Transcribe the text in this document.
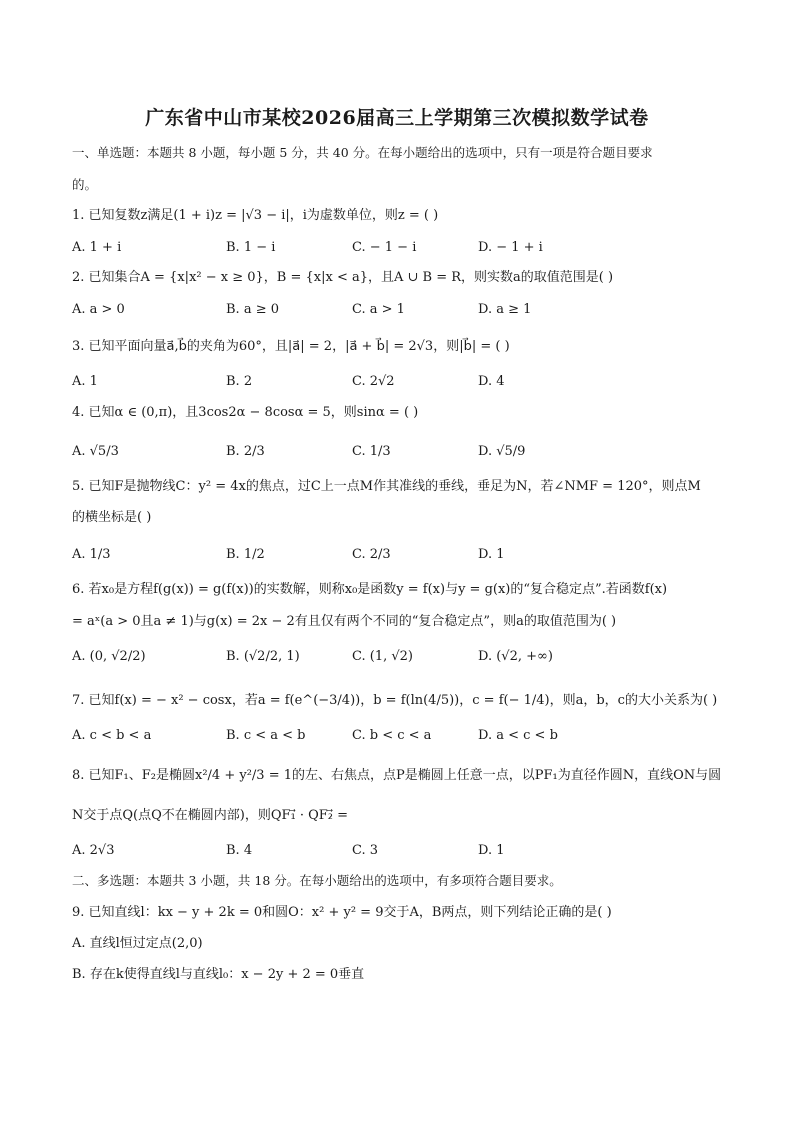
广东省中山市某校2026届高三上学期第三次模拟数学试卷
一、单选题：本题共 8 小题，每小题 5 分，共 40 分。在每小题给出的选项中，只有一项是符合题目要求
的。
1. 已知复数z满足(1 + i)z = |√3 − i|，i为虚数单位，则z = ( )
A. 1 + i	B. 1 − i	C. − 1 − i	D. − 1 + i
2. 已知集合A = {x|x² − x ≥ 0}，B = {x|x < a}，且A ∪ B = R，则实数a的取值范围是( )
A. a > 0	B. a ≥ 0	C. a > 1	D. a ≥ 1
3. 已知平面向量a⃗,b⃗的夹角为60°，且|a⃗| = 2，|a⃗ + b⃗| = 2√3，则|b⃗| = ( )
A. 1	B. 2	C. 2√2	D. 4
4. 已知α ∈ (0,π)，且3cos2α − 8cosα = 5，则sinα = ( )
A. √5/3	B. 2/3	C. 1/3	D. √5/9
5. 已知F是抛物线C：y² = 4x的焦点，过C上一点M作其准线的垂线，垂足为N，若∠NMF = 120°，则点M
的横坐标是( )
A. 1/3	B. 1/2	C. 2/3	D. 1
6. 若x₀是方程f(g(x)) = g(f(x))的实数解，则称x₀是函数y = f(x)与y = g(x)的“复合稳定点”.若函数f(x)
= aˣ(a > 0且a ≠ 1)与g(x) = 2x − 2有且仅有两个不同的“复合稳定点”，则a的取值范围为( )
A. (0, √2/2)	B. (√2/2, 1)	C. (1, √2)	D. (√2, +∞)
7. 已知f(x) = − x² − cosx，若a = f(e^(−3/4))，b = f(ln(4/5))，c = f(− 1/4)，则a，b，c的大小关系为( )
A. c < b < a	B. c < a < b	C. b < c < a	D. a < c < b
8. 已知F₁、F₂是椭圆x²/4 + y²/3 = 1的左、右焦点，点P是椭圆上任意一点，以PF₁为直径作圆N，直线ON与圆
N交于点Q(点Q不在椭圆内部)，则QF₁⃗ · QF₂⃗ =
A. 2√3	B. 4	C. 3	D. 1
二、多选题：本题共 3 小题，共 18 分。在每小题给出的选项中，有多项符合题目要求。
9. 已知直线l：kx − y + 2k = 0和圆O：x² + y² = 9交于A，B两点，则下列结论正确的是( )
A. 直线l恒过定点(2,0)
B. 存在k使得直线l与直线l₀：x − 2y + 2 = 0垂直
